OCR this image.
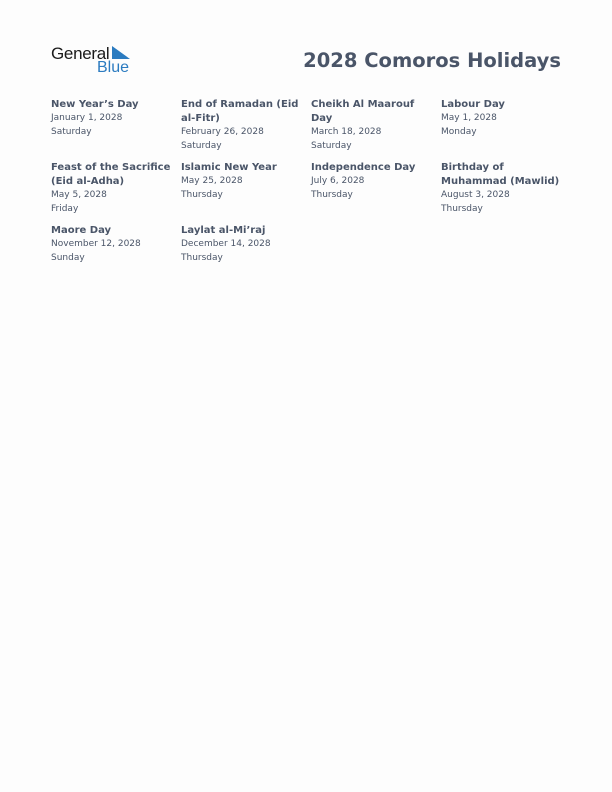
General
Blue	2028 Comoros Holidays
New Year’s Day
January 1, 2028
Saturday
End of Ramadan (Eid al-Fitr)
February 26, 2028
Saturday
Cheikh Al Maarouf Day
March 18, 2028
Saturday
Labour Day
May 1, 2028
Monday
Feast of the Sacrifice (Eid al-Adha)
May 5, 2028
Friday
Islamic New Year
May 25, 2028
Thursday
Independence Day
July 6, 2028
Thursday
Birthday of Muhammad (Mawlid)
August 3, 2028
Thursday
Maore Day
November 12, 2028
Sunday
Laylat al-Mi’raj
December 14, 2028
Thursday
